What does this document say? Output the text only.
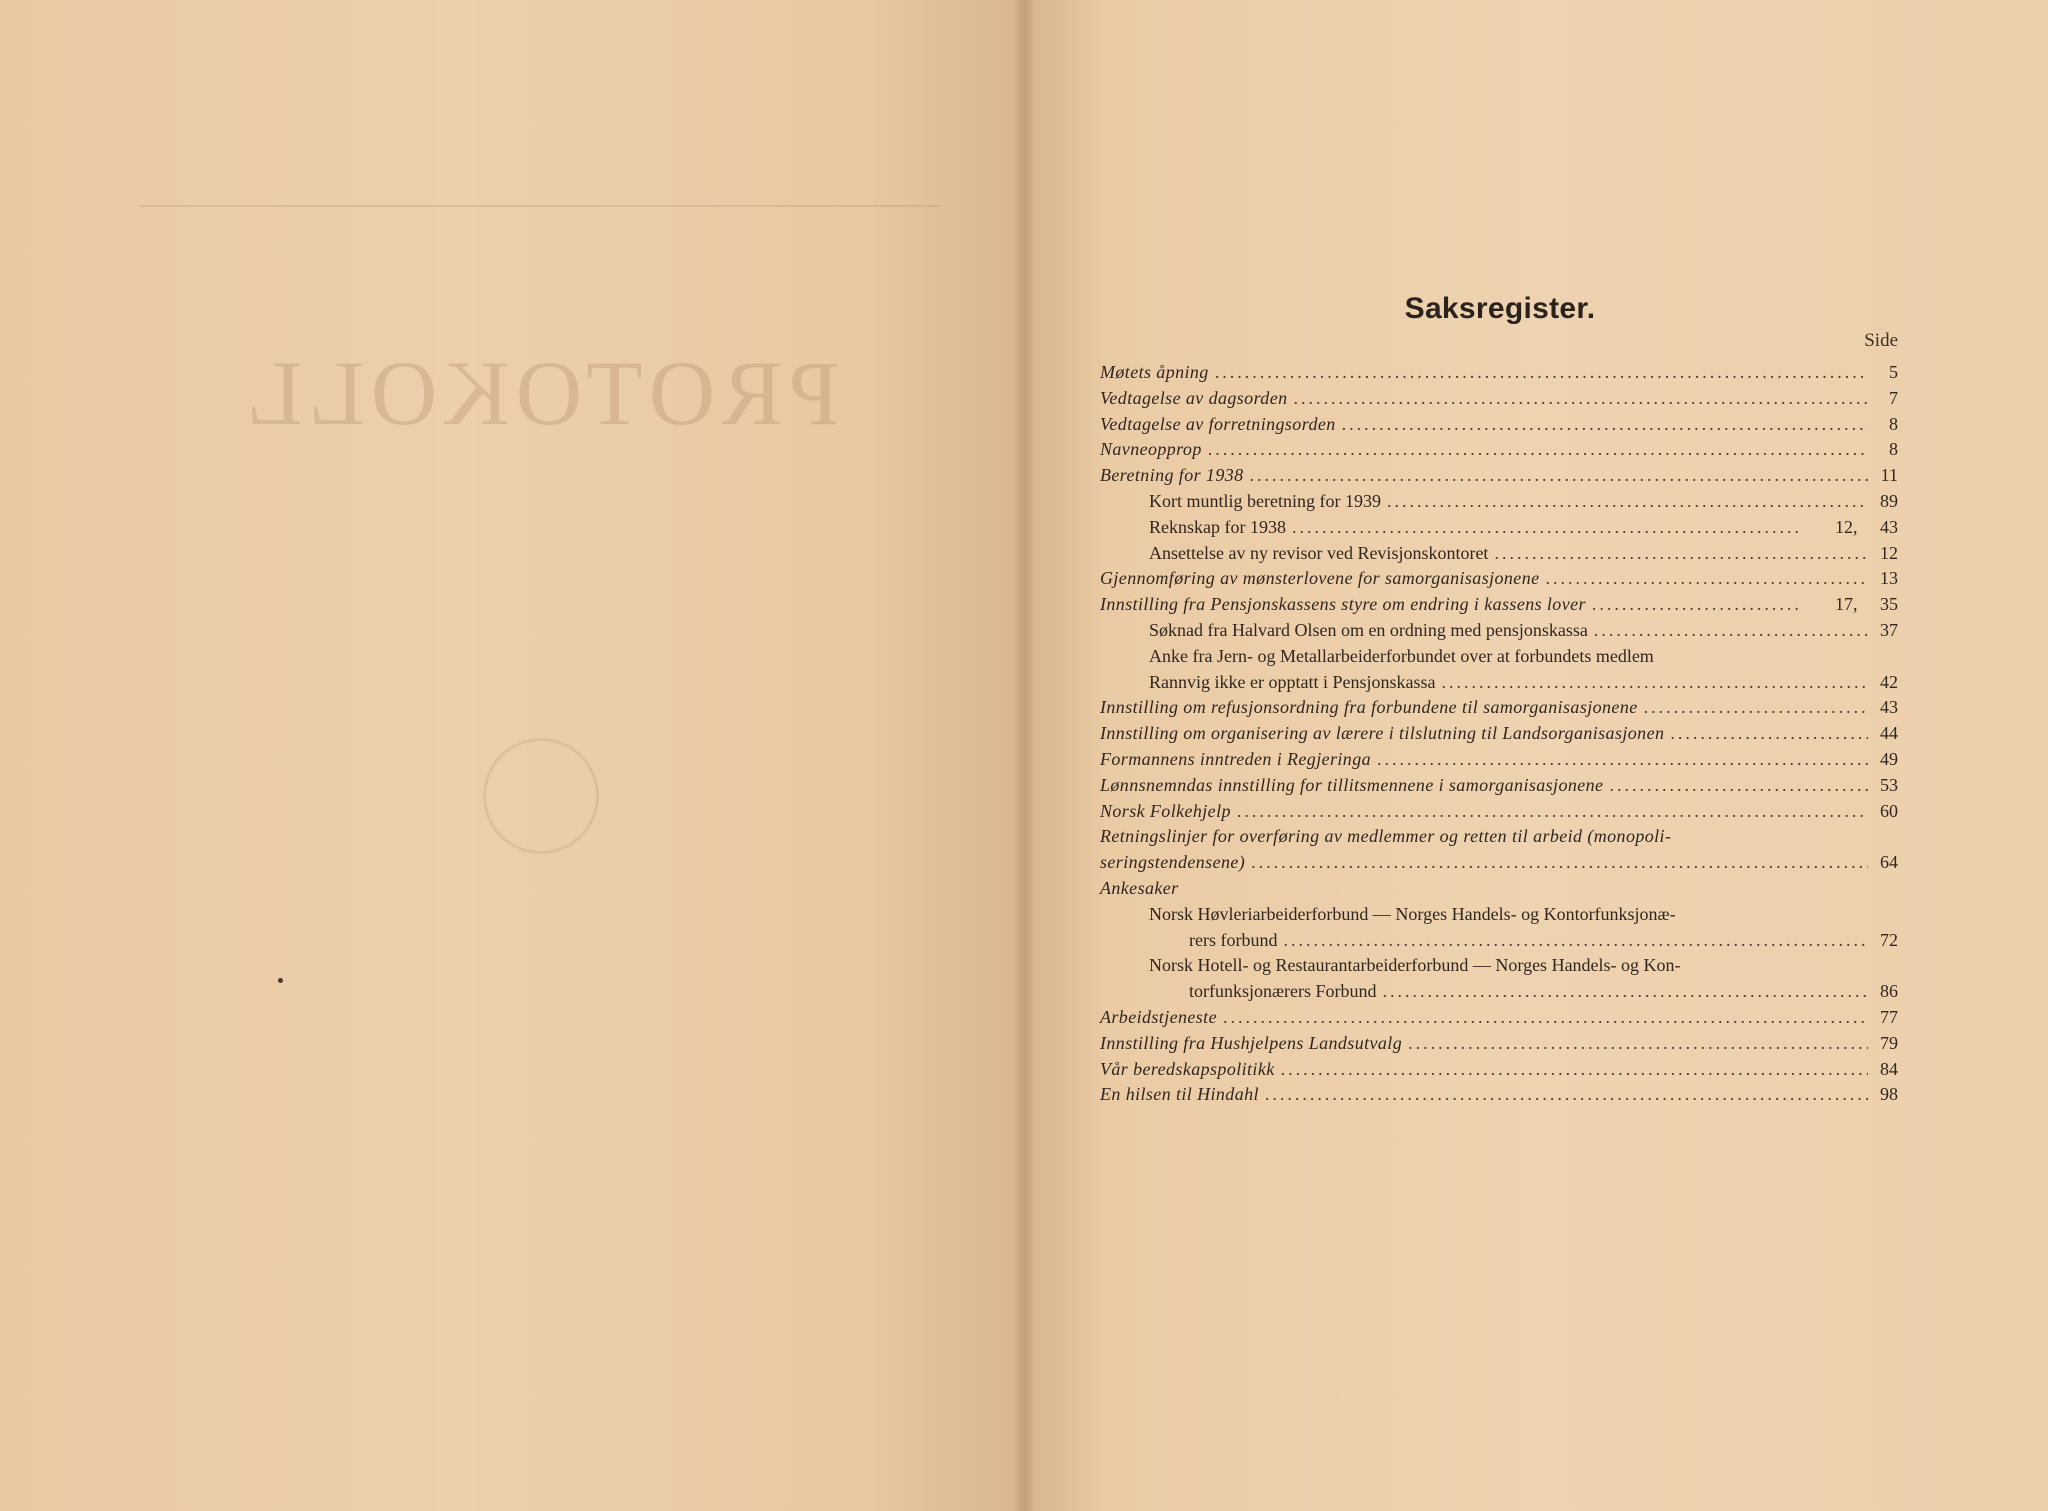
PROTOKOLL
Saksregister.
Side
Møtets åpning .....	5
Vedtagelse av dagsorden .....	7
Vedtagelse av forretningsorden .....	8
Navneopprop .....	8
Beretning for 1938 .....	11
Kort muntlig beretning for 1939 .....	89
Reknskap for 1938 .....	12, 43
Ansettelse av ny revisor ved Revisjonskontoret .....	12
Gjennomføring av mønsterlovene for samorganisasjonene .....	13
Innstilling fra Pensjonskassens styre om endring i kassens lover .....	17, 35
Søknad fra Halvard Olsen om en ordning med pensjonskassa .....	37
Anke fra Jern- og Metallarbeiderforbundet over at forbundets medlem
Rannvig ikke er opptatt i Pensjonskassa .....	42
Innstilling om refusjonsordning fra forbundene til samorganisasjonene .....	43
Innstilling om organisering av lærere i tilslutning til Landsorganisasjonen .....	44
Formannens inntreden i Regjeringa .....	49
Lønnsnemndas innstilling for tillitsmennene i samorganisasjonene .....	53
Norsk Folkehjelp .....	60
Retningslinjer for overføring av medlemmer og retten til arbeid (monopoli-
seringstendensene) .....	64
Ankesaker
Norsk Høvleriarbeiderforbund — Norges Handels- og Kontorfunksjonæ-
rers forbund .....	72
Norsk Hotell- og Restaurantarbeiderforbund — Norges Handels- og Kon-
torfunksjonærers Forbund .....	86
Arbeidstjeneste .....	77
Innstilling fra Hushjelpens Landsutvalg .....	79
Vår beredskapspolitikk .....	84
En hilsen til Hindahl .....	98
